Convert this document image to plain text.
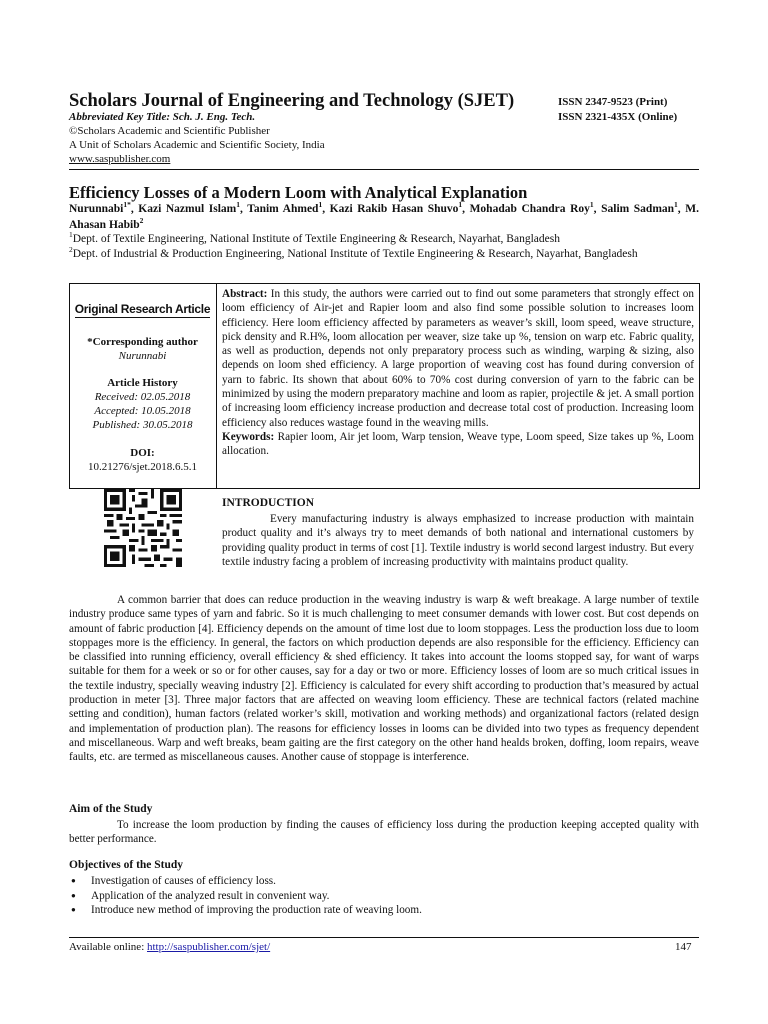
Scholars Journal of Engineering and Technology (SJET)	ISSN 2347-9523 (Print)
ISSN 2321-435X (Online)
Abbreviated Key Title: Sch. J. Eng. Tech.
©Scholars Academic and Scientific Publisher
A Unit of Scholars Academic and Scientific Society, India
www.saspublisher.com
Efficiency Losses of a Modern Loom with Analytical Explanation
Nurunnabi$^{1*}$, Kazi Nazmul Islam$^1$, Tanim Ahmed$^1$, Kazi Rakib Hasan Shuvo$^1$, Mohadab Chandra Roy$^1$, Salim Sadman$^1$, M. Ahasan Habib$^2$
$^1$Dept. of Textile Engineering, National Institute of Textile Engineering & Research, Nayarhat, Bangladesh
$^2$Dept. of Industrial & Production Engineering, National Institute of Textile Engineering & Research, Nayarhat, Bangladesh
Original Research Article
*Corresponding author
Nurunnabi
Article History
Received: 02.05.2018
Accepted: 10.05.2018
Published: 30.05.2018
DOI:
10.21276/sjet.2018.6.5.1
Abstract: In this study, the authors were carried out to find out some parameters that strongly effect on loom efficiency of Air-jet and Rapier loom and also find some possible solution to increases loom efficiency. Here loom efficiency affected by parameters as weaver’s skill, loom speed, weave structure, pick density and R.H%, loom allocation per weaver, size take up %, tension on warp etc. Fabric quality, as well as production, depends not only preparatory process such as winding, warping & sizing, also depends on loom shed efficiency. A large proportion of weaving cost has found during conversion of yarn to fabric. Its shown that about 60% to 70% cost during conversion of yarn to the fabric can be minimized by using the modern preparatory machine and loom as rapier, projectile & jet. A small portion of increasing loom efficiency increase production and decrease total cost of production. Increasing loom efficiency also reduces wastage found in the weaving mills.
Keywords: Rapier loom, Air jet loom, Warp tension, Weave type, Loom speed, Size takes up %, Loom allocation.
INTRODUCTION
Every manufacturing industry is always emphasized to increase production with maintain product quality and it’s always try to meet demands of both national and international customers by providing quality product in terms of cost [1]. Textile industry is world second largest industry. But every textile industry facing a problem of increasing productivity with maintains product quality.
A common barrier that does can reduce production in the weaving industry is warp & weft breakage. A large number of textile industry produce same types of yarn and fabric. So it is much challenging to meet consumer demands with lower cost. But cost depends on amount of fabric production [4]. Efficiency depends on the amount of time lost due to loom stoppages. Less the production loss due to loom stoppages more is the efficiency. In general, the factors on which production depends are also responsible for the efficiency. Efficiency can be classified into running efficiency, overall efficiency & shed efficiency. It takes into account the looms stopped say, for want of warps suitable for them for a week or so or for other causes, say for a day or two or more. Efficiency losses of loom are so much critical issues in the textile industry, specially weaving industry [2]. Efficiency is calculated for every shift according to production that’s measured by actual production in meter [3]. Three major factors that are affected on weaving loom efficiency. These are technical factors (related machine setting and condition), human factors (related worker’s skill, motivation and working methods) and organizational factors (related design and implementation of production plan). The reasons for efficiency losses in looms can be divided into two types as frequency dependent and miscellaneous. Warp and weft breaks, beam gaiting are the first category on the other hand healds broken, doffing, loom repairs, weave faults, etc. are termed as miscellaneous causes. Another cause of stoppage is interference.
Aim of the Study
To increase the loom production by finding the causes of efficiency loss during the production keeping accepted quality with better performance.
Objectives of the Study
● Investigation of causes of efficiency loss.
● Application of the analyzed result in convenient way.
● Introduce new method of improving the production rate of weaving loom.
Available online: http://saspublisher.com/sjet/	147
